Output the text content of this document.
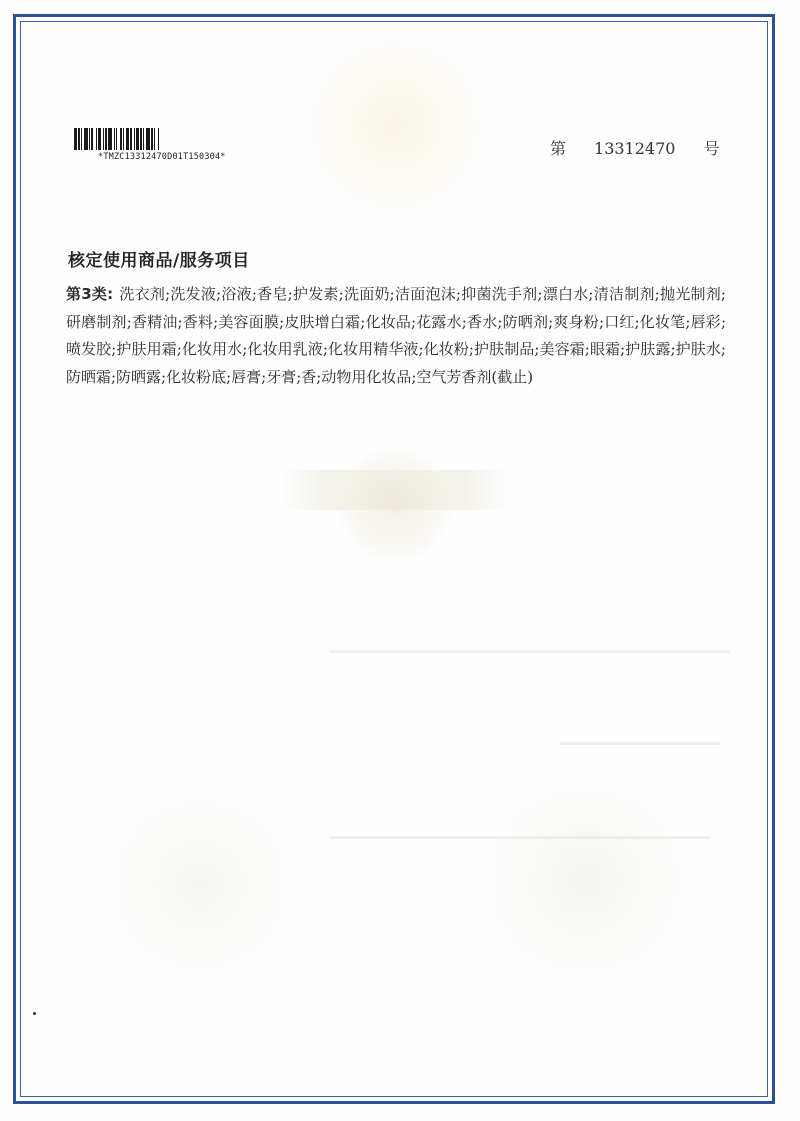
*TMZC13312470D01T150304*	第 13312470 号
核定使用商品/服务项目
第3类: 洗衣剂;洗发液;浴液;香皂;护发素;洗面奶;洁面泡沫;抑菌洗手剂;漂白水;清洁制剂;抛光制剂;研磨制剂;香精油;香料;美容面膜;皮肤增白霜;化妆品;花露水;香水;防晒剂;爽身粉;口红;化妆笔;唇彩;喷发胶;护肤用霜;化妆用水;化妆用乳液;化妆用精华液;化妆粉;护肤制品;美容霜;眼霜;护肤露;护肤水;防晒霜;防晒露;化妆粉底;唇膏;牙膏;香;动物用化妆品;空气芳香剂(截止)
